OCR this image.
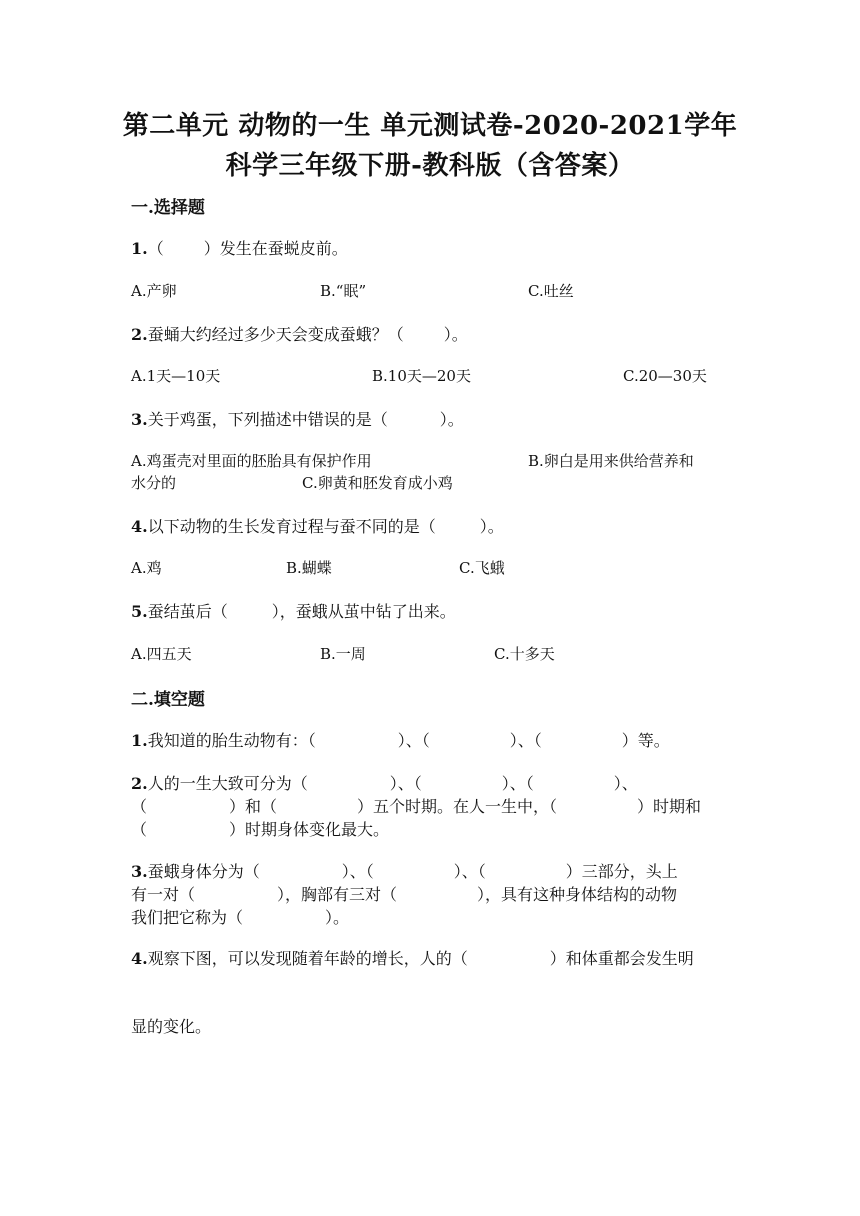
第二单元 动物的一生 单元测试卷-2020-2021学年
科学三年级下册-教科版（含答案）

一.选择题

1.（	）发生在蚕蜕皮前。

A.产卵	B.“眠”	C.吐丝

2.蚕蛹大约经过多少天会变成蚕蛾？（	）。

A.1天—10天	B.10天—20天	C.20—30天

3.关于鸡蛋，下列描述中错误的是（	）。

A.鸡蛋壳对里面的胚胎具有保护作用	B.卵白是用来供给营养和
水分的	C.卵黄和胚发育成小鸡

4.以下动物的生长发育过程与蚕不同的是（	）。

A.鸡	B.蝴蝶	C.飞蛾

5.蚕结茧后（	），蚕蛾从茧中钻了出来。

A.四五天	B.一周	C.十多天

二.填空题

1.我知道的胎生动物有：（	）、（	）、（	）等。

2.人的一生大致可分为（	）、（	）、（	）、

（	）和（	）五个时期。在人一生中，（	）时期和

（	）时期身体变化最大。

3.蚕蛾身体分为（	）、（	）、（	）三部分，头上

有一对（	），胸部有三对（	），具有这种身体结构的动物

我们把它称为（	）。

4.观察下图，可以发现随着年龄的增长，人的（	）和体重都会发生明

显的变化。
